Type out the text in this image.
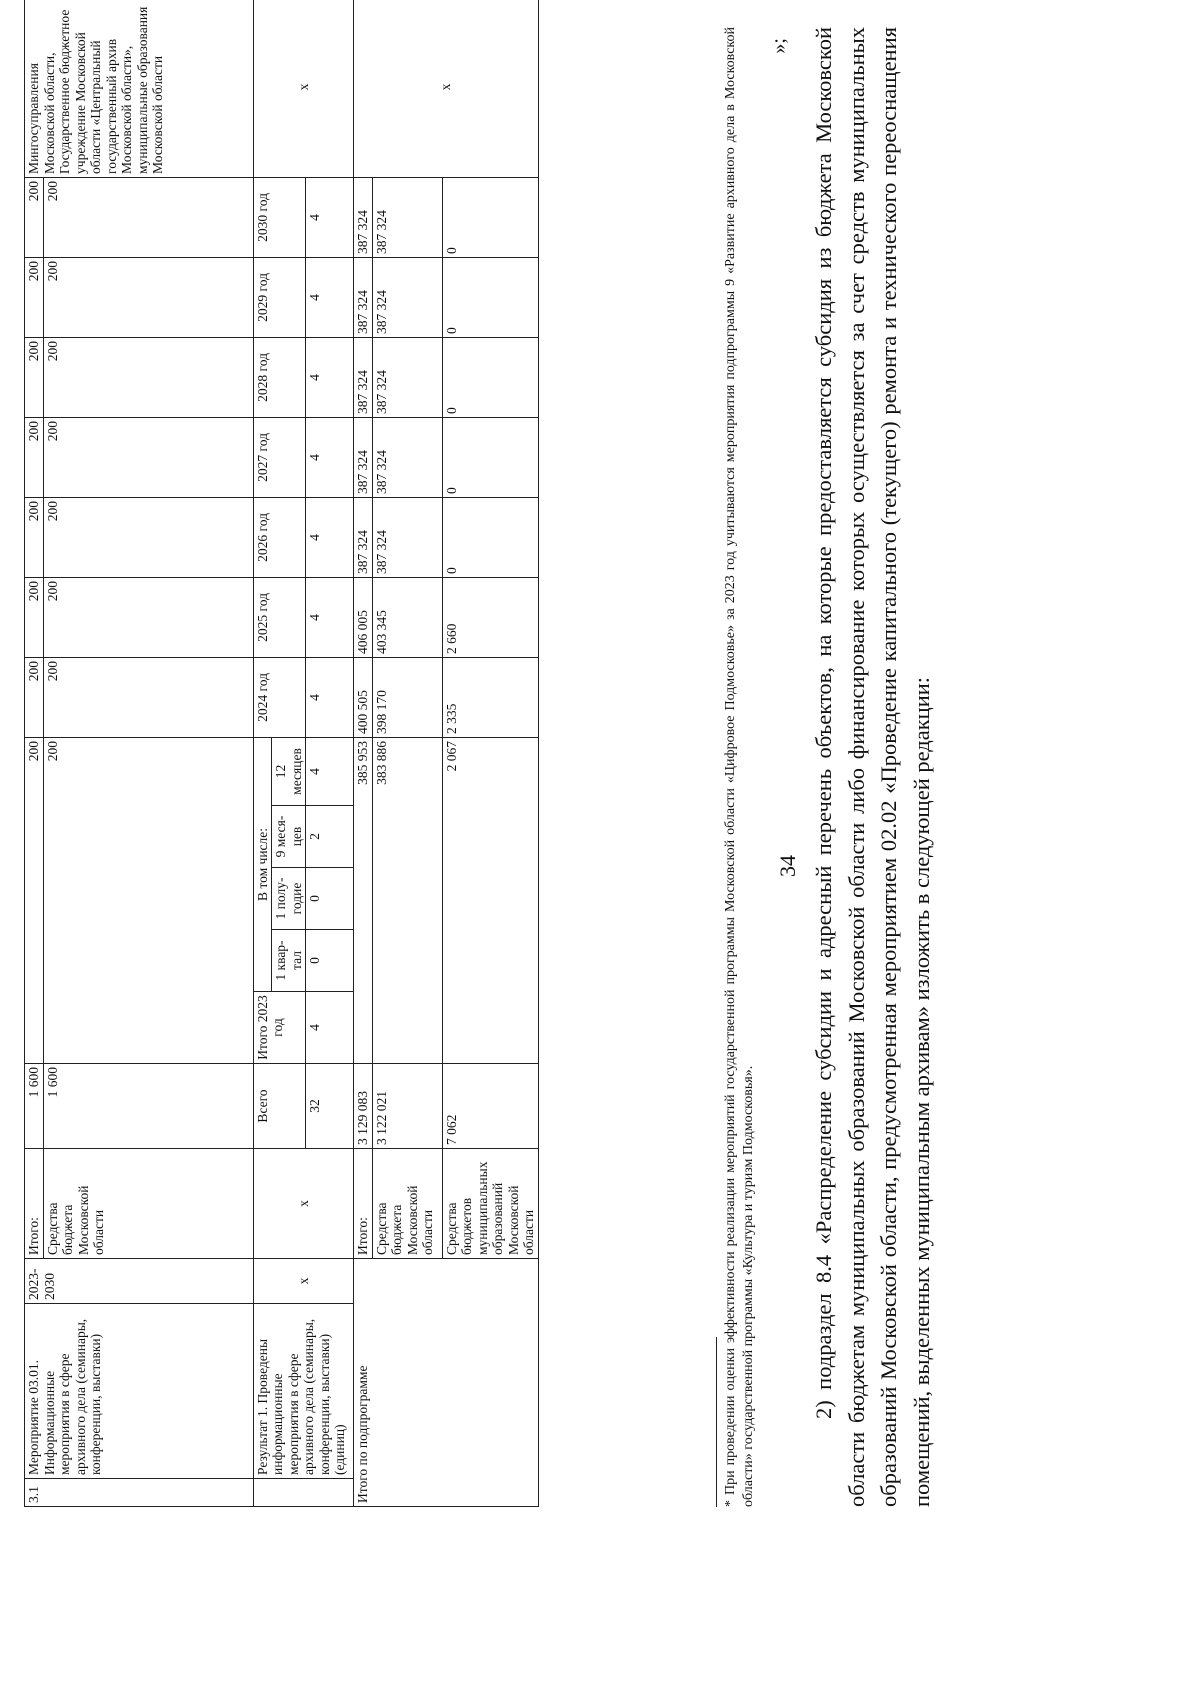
34
3.1	Мероприятие 03.01. Информационные мероприятия в сфере архивного дела (семинары, конференции, выставки)	2023-2030	Итого:	1 600	200					200	200	200	200	200	200	200	Мингосуправления Московской области, Государственное бюджетное учреждение Московской области «Центральный государственный архив Московской области», муниципальные образования Московской области
			Средства бюджета Московской области	1 600	200					200	200	200	200	200	200	200	
	Результат 1. Проведены информационные мероприятия в сфере архивного дела (семинары, конференции, выставки) (единиц)	х	х	Всего	Итого 2023 год	В том числе:				2024 год	2025 год	2026 год	2027 год	2028 год	2029 год	2030 год	х
						1 квар-тал	1 полу-годие	9 меся-цев	12 месяцев								
				32	4	0	0	2	4	4	4	4	4	4	4	4	
Итого по подпрограмме			Итого:	3 129 083	385 953					400 505	406 005	387 324	387 324	387 324	387 324	387 324	х
			Средства бюджета Московской области	3 122 021	383 886					398 170	403 345	387 324	387 324	387 324	387 324	387 324	
			Средства бюджетов муниципальных образований Московской области	7 062	2 067					2 335	2 660	0	0	0	0	0		* При проведении оценки эффективности реализации мероприятий государственной программы Московской области «Цифровое Подмосковье» за 2023 год учитываются мероприятия подпрограммы 9 «Развитие архивного дела в Московской области» государственной программы «Культура и туризм Подмосковья».
»; 2) подраздел 8.4 «Распределение субсидии и адресный перечень объектов, на которые предоставляется субсидия из бюджета Московской области бюджетам муниципальных образований Московской области либо финансирование которых осуществляется за счет средств муниципальных образований Московской области, предусмотренная мероприятием 02.02 «Проведение капитального (текущего) ремонта и технического переоснащения помещений, выделенных муниципальным архивам» изложить в следующей редакции:
